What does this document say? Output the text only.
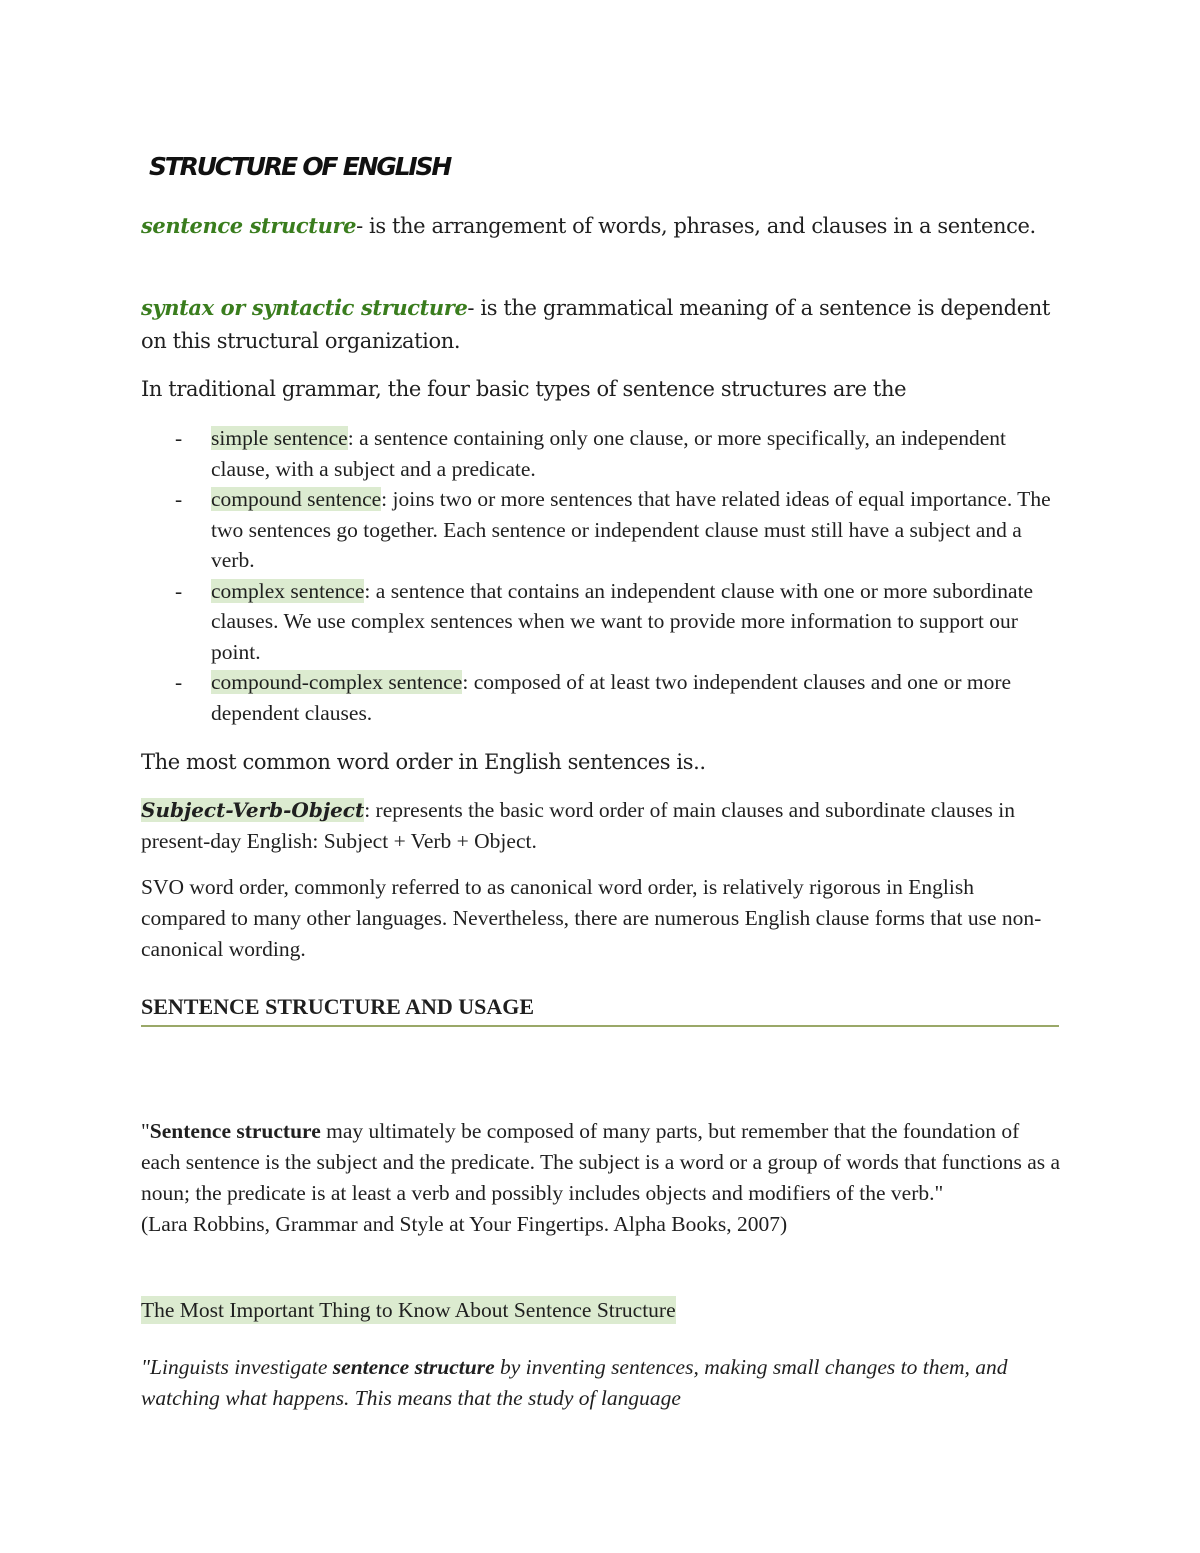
STRUCTURE OF ENGLISH
sentence structure- is the arrangement of words, phrases, and clauses in a sentence.
syntax or syntactic structure- is the grammatical meaning of a sentence is dependent on this structural organization.
In traditional grammar, the four basic types of sentence structures are the
- simple sentence: a sentence containing only one clause, or more specifically, an independent clause, with a subject and a predicate.
- compound sentence: joins two or more sentences that have related ideas of equal importance. The two sentences go together. Each sentence or independent clause must still have a subject and a verb.
- complex sentence: a sentence that contains an independent clause with one or more subordinate clauses. We use complex sentences when we want to provide more information to support our point.
- compound-complex sentence: composed of at least two independent clauses and one or more dependent clauses.
The most common word order in English sentences is..
Subject-Verb-Object: represents the basic word order of main clauses and subordinate clauses in present-day English: Subject + Verb + Object.
SVO word order, commonly referred to as canonical word order, is relatively rigorous in English compared to many other languages. Nevertheless, there are numerous English clause forms that use non-canonical wording.
SENTENCE STRUCTURE AND USAGE
"Sentence structure may ultimately be composed of many parts, but remember that the foundation of each sentence is the subject and the predicate. The subject is a word or a group of words that functions as a noun; the predicate is at least a verb and possibly includes objects and modifiers of the verb."
(Lara Robbins, Grammar and Style at Your Fingertips. Alpha Books, 2007)
The Most Important Thing to Know About Sentence Structure
"Linguists investigate sentence structure by inventing sentences, making small changes to them, and watching what happens. This means that the study of language
